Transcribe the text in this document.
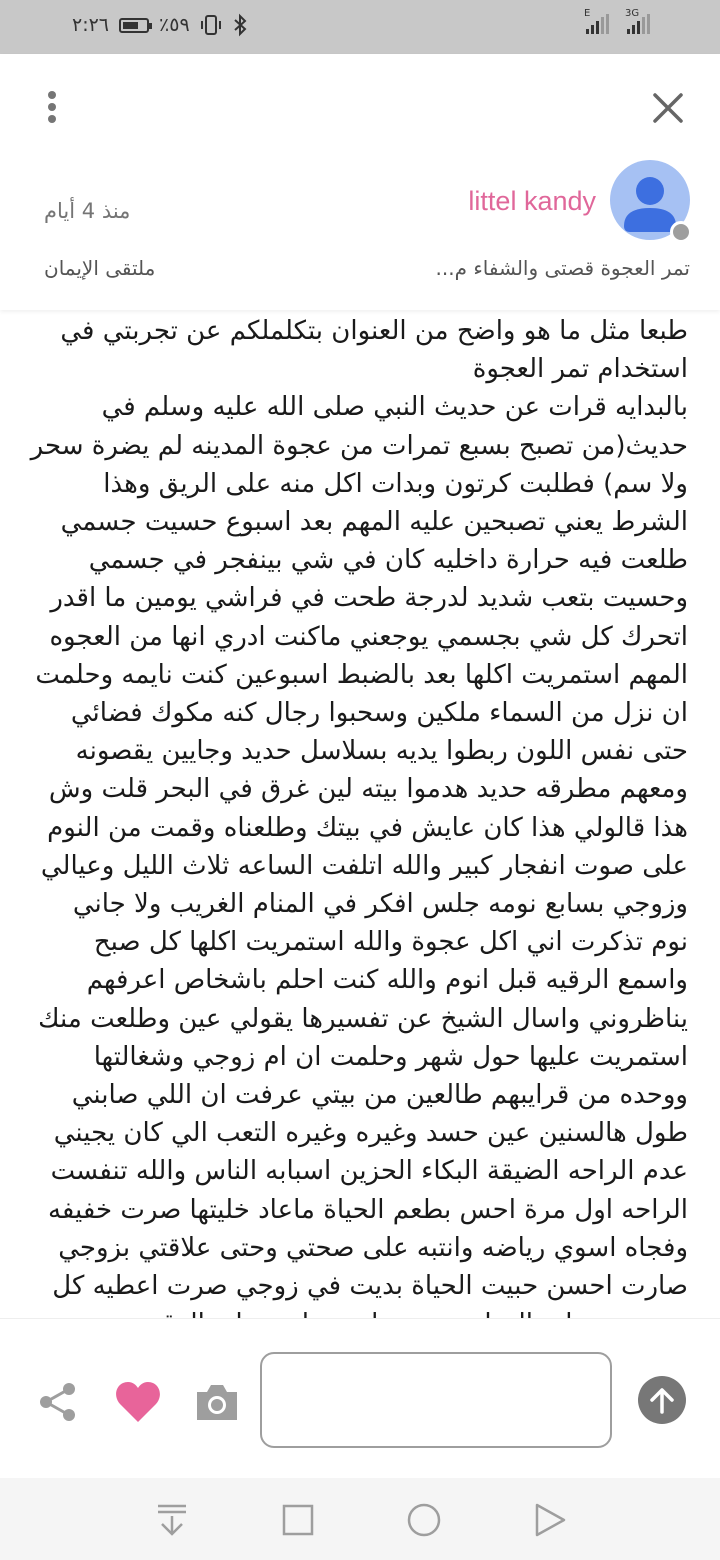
٢:٢٦	٪٥٩
E	3G
littel kandy
منذ 4 أيام
تمر العجوة قصتى والشفاء م...
ملتقى الإيمان

طبعا مثل ما هو واضح من العنوان بتكلملكم عن تجربتي في استخدام تمر العجوة
بالبدايه قرات عن حديث النبي صلى الله عليه وسلم في حديث(من تصبح بسبع تمرات من عجوة المدينه لم يضرة سحر ولا سم) فطلبت كرتون وبدات اكل منه على الريق وهذا الشرط يعني تصبحين عليه المهم بعد اسبوع حسيت جسمي طلعت فيه حرارة داخليه كان في شي بينفجر في جسمي وحسيت بتعب شديد لدرجة طحت في فراشي يومين ما اقدر اتحرك كل شي بجسمي يوجعني ماكنت ادري انها من العجوه المهم استمريت اكلها بعد بالضبط اسبوعين كنت نايمه وحلمت ان نزل من السماء ملكين وسحبوا رجال كنه مكوك فضائي حتى نفس اللون ربطوا يديه بسلاسل حديد وجايين يقصونه ومعهم مطرقه حديد هدموا بيته لين غرق في البحر قلت وش هذا قالولي هذا كان عايش في بيتك وطلعناه وقمت من النوم على صوت انفجار كبير والله اتلفت الساعه ثلاث الليل وعيالي وزوجي بسابع نومه جلس افكر في المنام الغريب ولا جاني نوم تذكرت اني اكل عجوة والله استمريت اكلها كل صبح واسمع الرقيه قبل انوم والله كنت احلم باشخاص اعرفهم يناظروني واسال الشيخ عن تفسيرها يقولي عين وطلعت منك استمريت عليها حول شهر وحلمت ان ام زوجي وشغالتها ووحده من قرايبهم طالعين من بيتي عرفت ان اللي صابني طول هالسنين عين حسد وغيره وغيره التعب الي كان يجيني عدم الراحه الضيقة البكاء الحزين اسبابه الناس والله تنفست الراحه اول مرة احس بطعم الحياة ماعاد خليتها صرت خفيفه وفجاه اسوي رياضه وانتبه على صحتي وحتى علاقتي بزوجي صارت احسن حبيت الحياة بديت في زوجي صرت اعطيه كل
